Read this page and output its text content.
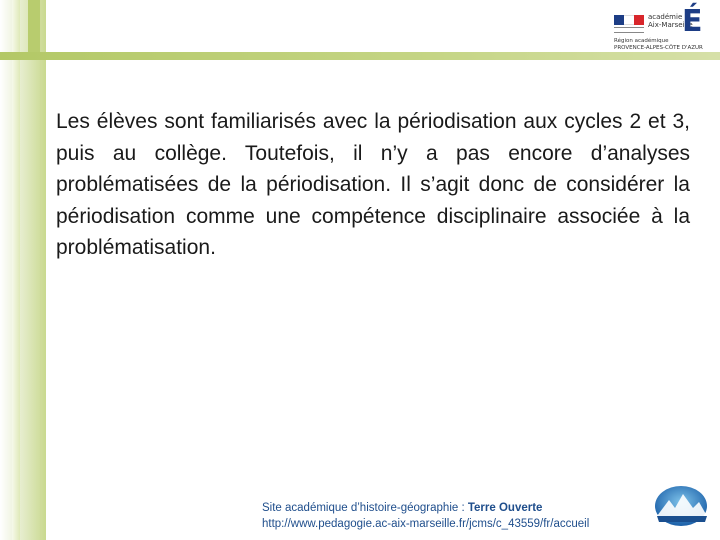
académie
Aix-Marseille
É
Région académique
PROVENCE-ALPES-CÔTE D'AZUR
Les élèves sont familiarisés avec la périodisation aux cycles 2 et 3, puis au collège. Toutefois, il n’y a pas encore d’analyses problématisées de la périodisation. Il s’agit donc de considérer la périodisation comme une compétence disciplinaire associée à la problématisation.
Site académique d’histoire-géographie : Terre Ouverte
http://www.pedagogie.ac-aix-marseille.fr/jcms/c_43559/fr/accueil
